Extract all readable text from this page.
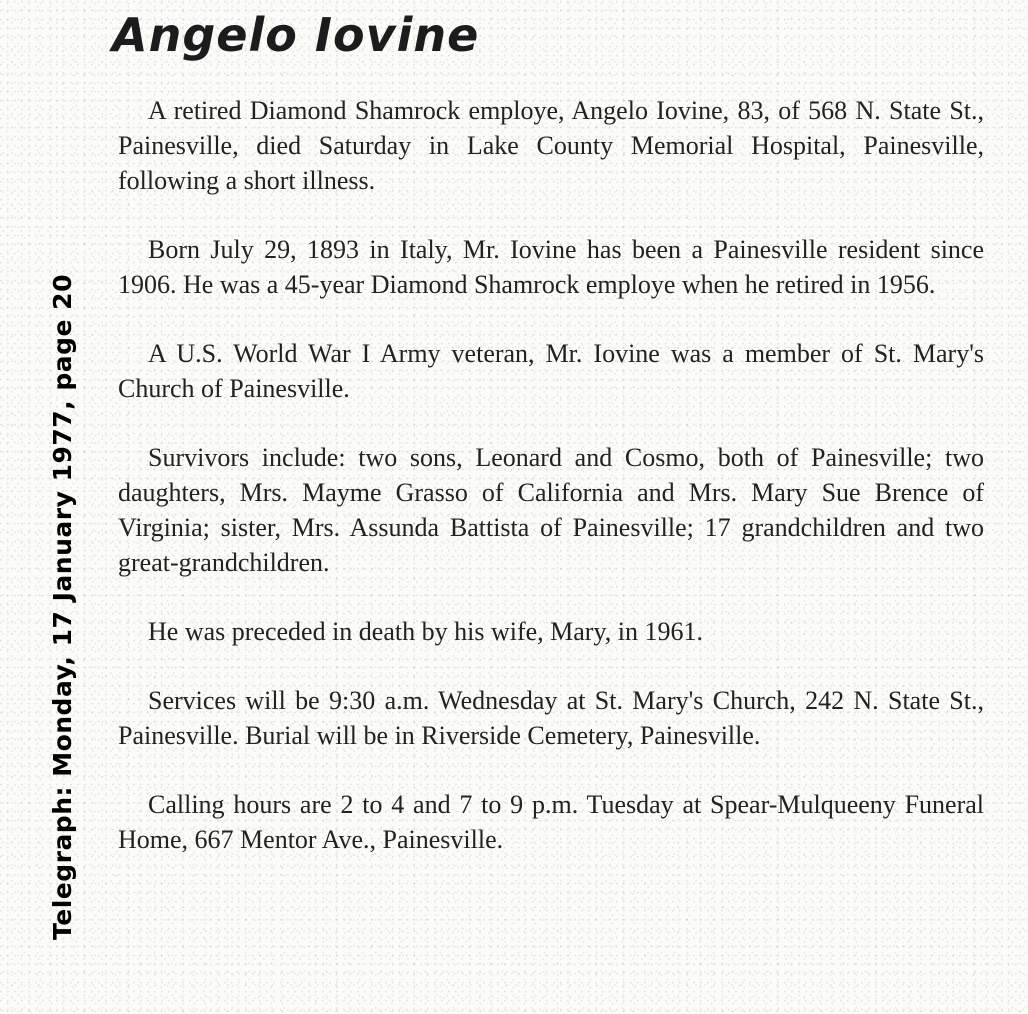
Angelo Iovine

A retired Diamond Shamrock employe, Angelo Iovine, 83, of 568 N. State St., Painesville, died Saturday in Lake County Memorial Hospital, Painesville, following a short illness.

Born July 29, 1893 in Italy, Mr. Iovine has been a Painesville resident since 1906. He was a 45-year Diamond Shamrock employe when he retired in 1956.

A U.S. World War I Army veteran, Mr. Iovine was a member of St. Mary's Church of Painesville.

Survivors include: two sons, Leonard and Cosmo, both of Painesville; two daughters, Mrs. Mayme Grasso of California and Mrs. Mary Sue Brence of Virginia; sister, Mrs. Assunda Battista of Painesville; 17 grandchildren and two great-grandchildren.

He was preceded in death by his wife, Mary, in 1961.

Services will be 9:30 a.m. Wednesday at St. Mary's Church, 242 N. State St., Painesville. Burial will be in Riverside Cemetery, Painesville.

Calling hours are 2 to 4 and 7 to 9 p.m. Tuesday at Spear-Mulqueeny Funeral Home, 667 Mentor Ave., Painesville.

Telegraph: Monday, 17 January 1977, page 20
